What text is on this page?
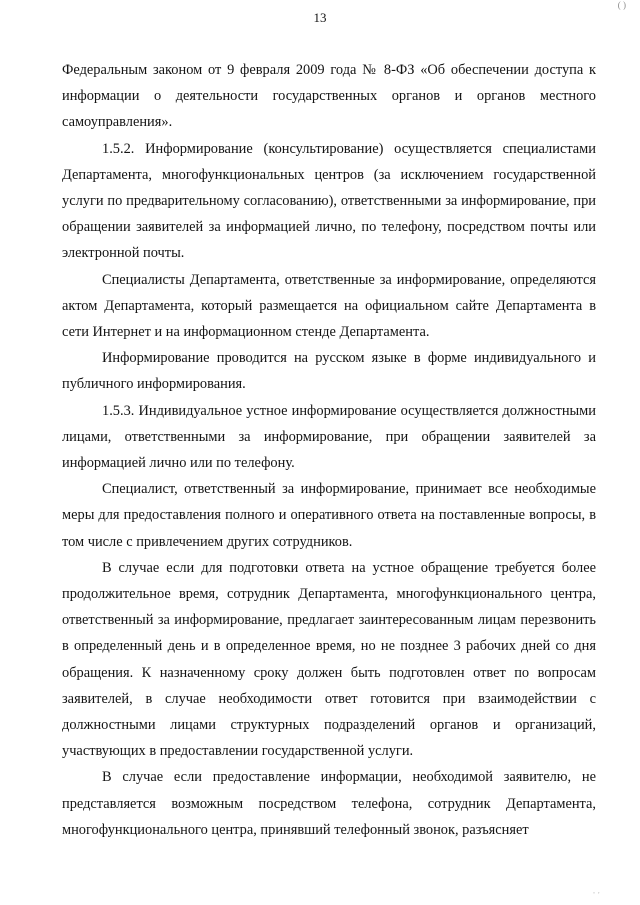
( )
13

Федеральным законом от 9 февраля 2009 года № 8-ФЗ «Об обеспечении доступа к информации о деятельности государственных органов и органов местного самоуправления».

1.5.2. Информирование (консультирование) осуществляется специалистами Департамента, многофункциональных центров (за исключением государственной услуги по предварительному согласованию), ответственными за информирование, при обращении заявителей за информацией лично, по телефону, посредством почты или электронной почты.

Специалисты Департамента, ответственные за информирование, определяются актом Департамента, который размещается на официальном сайте Департамента в сети Интернет и на информационном стенде Департамента.

Информирование проводится на русском языке в форме индивидуального и публичного информирования.

1.5.3. Индивидуальное устное информирование осуществляется должностными лицами, ответственными за информирование, при обращении заявителей за информацией лично или по телефону.

Специалист, ответственный за информирование, принимает все необходимые меры для предоставления полного и оперативного ответа на поставленные вопросы, в том числе с привлечением других сотрудников.

В случае если для подготовки ответа на устное обращение требуется более продолжительное время, сотрудник Департамента, многофункционального центра, ответственный за информирование, предлагает заинтересованным лицам перезвонить в определенный день и в определенное время, но не позднее 3 рабочих дней со дня обращения. К назначенному сроку должен быть подготовлен ответ по вопросам заявителей, в случае необходимости ответ готовится при взаимодействии с должностными лицами структурных подразделений органов и организаций, участвующих в предоставлении государственной услуги.

В случае если предоставление информации, необходимой заявителю, не представляется возможным посредством телефона, сотрудник Департамента, многофункционального центра, принявший телефонный звонок, разъясняет

ˑ ˑ
